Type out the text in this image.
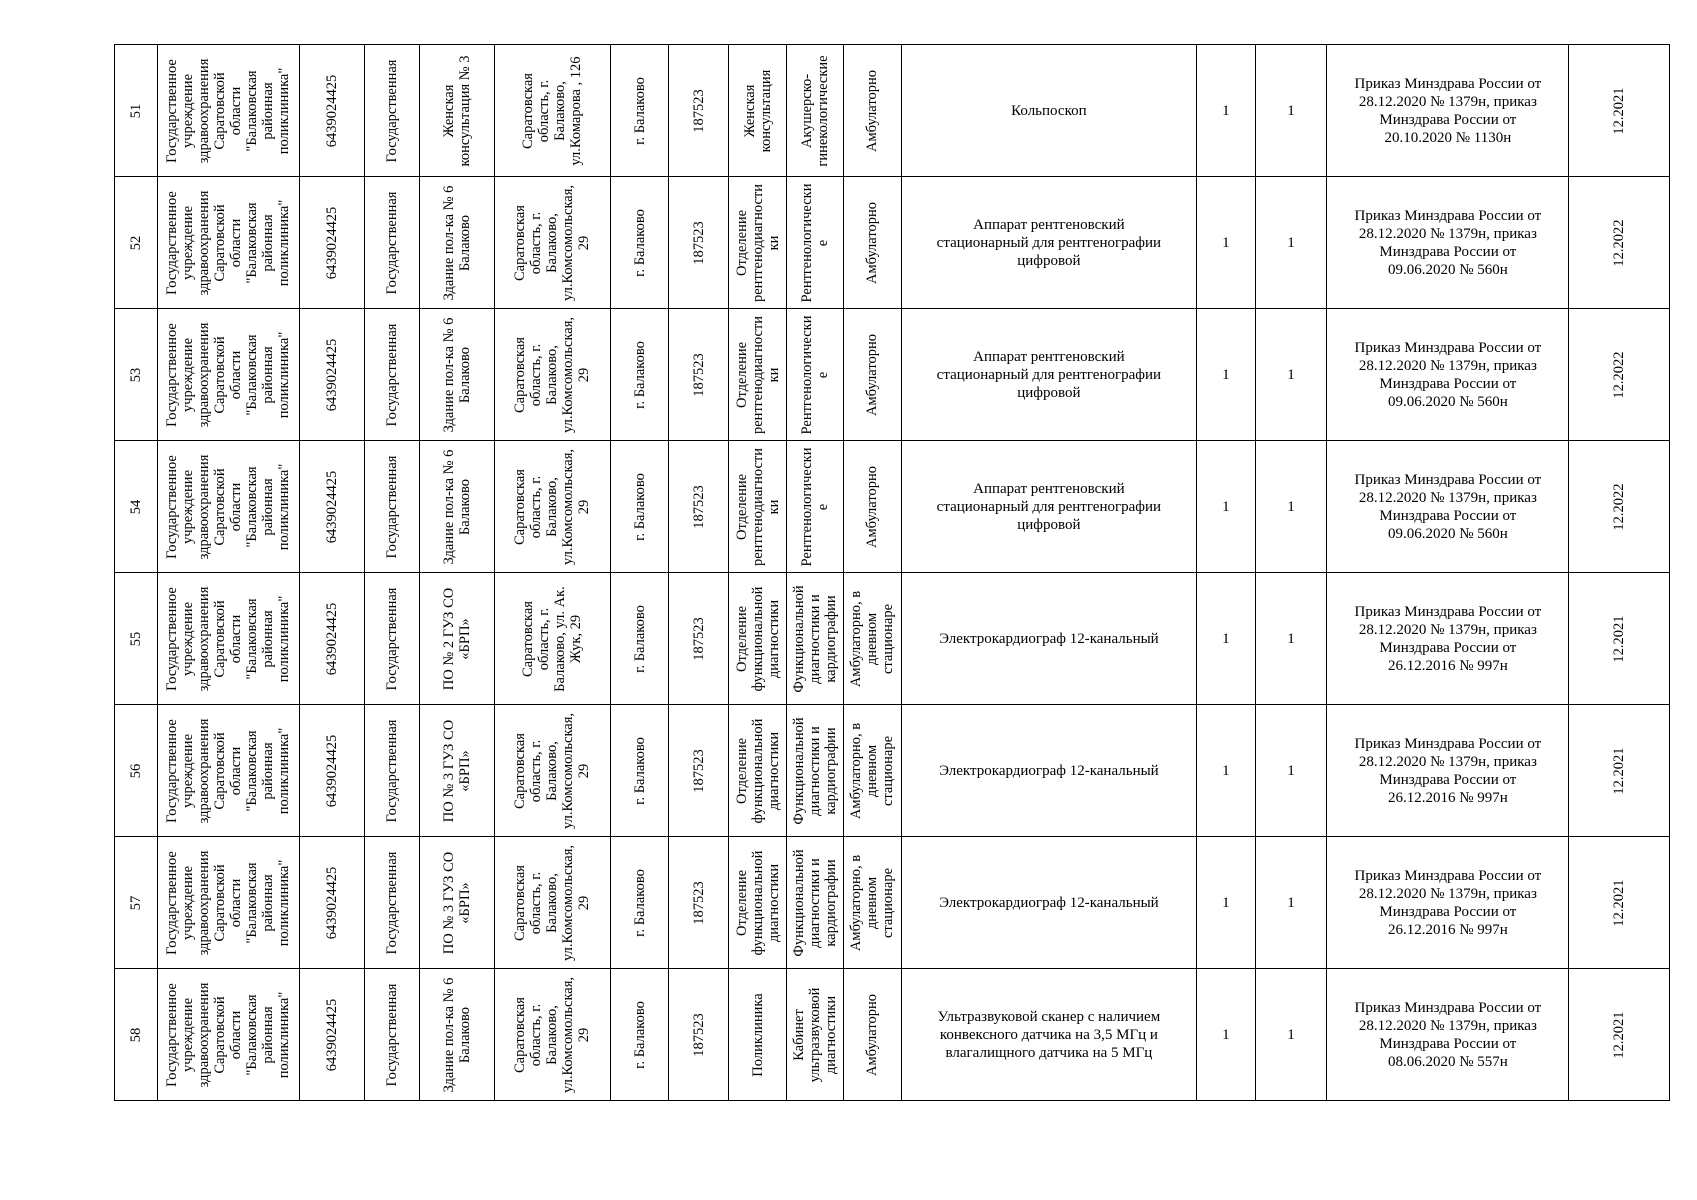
51	Государственное учреждение здравоохранения Саратовской области "Балаковская районная поликлиника"	6439024425	Государственная	Женская консультация № 3	Саратовская область, г. Балаково, ул.Комарова , 126	г. Балаково	187523	Женская консультация	Акушерско-гинекологические	Амбулаторно	Кольпоскоп	1	1	Приказ Минздрава России от
28.12.2020 № 1379н, приказ
Минздрава России от
20.10.2020 № 1130н	12.2021

52	Государственное учреждение здравоохранения Саратовской области "Балаковская районная поликлиника"	6439024425	Государственная	Здание пол-ка № 6 Балаково	Саратовская область, г. Балаково, ул.Комсомольская, 29	г. Балаково	187523	Отделение рентгенодиагностики	Рентгенологические	Амбулаторно	Аппарат рентгеновский
стационарный для рентгенографии
цифровой	1	1	Приказ Минздрава России от
28.12.2020 № 1379н, приказ
Минздрава России от
09.06.2020 № 560н	12.2022

53	Государственное учреждение здравоохранения Саратовской области "Балаковская районная поликлиника"	6439024425	Государственная	Здание пол-ка № 6 Балаково	Саратовская область, г. Балаково, ул.Комсомольская, 29	г. Балаково	187523	Отделение рентгенодиагностики	Рентгенологические	Амбулаторно	Аппарат рентгеновский
стационарный для рентгенографии
цифровой	1	1	Приказ Минздрава России от
28.12.2020 № 1379н, приказ
Минздрава России от
09.06.2020 № 560н	12.2022

54	Государственное учреждение здравоохранения Саратовской области "Балаковская районная поликлиника"	6439024425	Государственная	Здание пол-ка № 6 Балаково	Саратовская область, г. Балаково, ул.Комсомольская, 29	г. Балаково	187523	Отделение рентгенодиагностики	Рентгенологические	Амбулаторно	Аппарат рентгеновский
стационарный для рентгенографии
цифровой	1	1	Приказ Минздрава России от
28.12.2020 № 1379н, приказ
Минздрава России от
09.06.2020 № 560н	12.2022

55	Государственное учреждение здравоохранения Саратовской области "Балаковская районная поликлиника"	6439024425	Государственная	ПО № 2 ГУЗ СО «БРП»	Саратовская область, г. Балаково, ул. Ак. Жук, 29	г. Балаково	187523	Отделение функциональной диагностики	Функциональной диагностики и кардиографии	Амбулаторно, в дневном стационаре	Электрокардиограф 12-канальный	1	1	Приказ Минздрава России от
28.12.2020 № 1379н, приказ
Минздрава России от
26.12.2016 № 997н	12.2021

56	Государственное учреждение здравоохранения Саратовской области "Балаковская районная поликлиника"	6439024425	Государственная	ПО № 3 ГУЗ СО «БРП»	Саратовская область, г. Балаково, ул.Комсомольская, 29	г. Балаково	187523	Отделение функциональной диагностики	Функциональной диагностики и кардиографии	Амбулаторно, в дневном стационаре	Электрокардиограф 12-канальный	1	1	Приказ Минздрава России от
28.12.2020 № 1379н, приказ
Минздрава России от
26.12.2016 № 997н	12.2021

57	Государственное учреждение здравоохранения Саратовской области "Балаковская районная поликлиника"	6439024425	Государственная	ПО № 3 ГУЗ СО «БРП»	Саратовская область, г. Балаково, ул.Комсомольская, 29	г. Балаково	187523	Отделение функциональной диагностики	Функциональной диагностики и кардиографии	Амбулаторно, в дневном стационаре	Электрокардиограф 12-канальный	1	1	Приказ Минздрава России от
28.12.2020 № 1379н, приказ
Минздрава России от
26.12.2016 № 997н	12.2021

58	Государственное учреждение здравоохранения Саратовской области "Балаковская районная поликлиника"	6439024425	Государственная	Здание пол-ка № 6 Балаково	Саратовская область, г. Балаково, ул.Комсомольская, 29	г. Балаково	187523	Поликлиника	Кабинет ультразвуковой диагностики	Амбулаторно	Ультразвуковой сканер с наличием
конвексного датчика на 3,5 МГц и
влагалищного датчика на 5 МГц	1	1	Приказ Минздрава России от
28.12.2020 № 1379н, приказ
Минздрава России от
08.06.2020 № 557н	12.2021
